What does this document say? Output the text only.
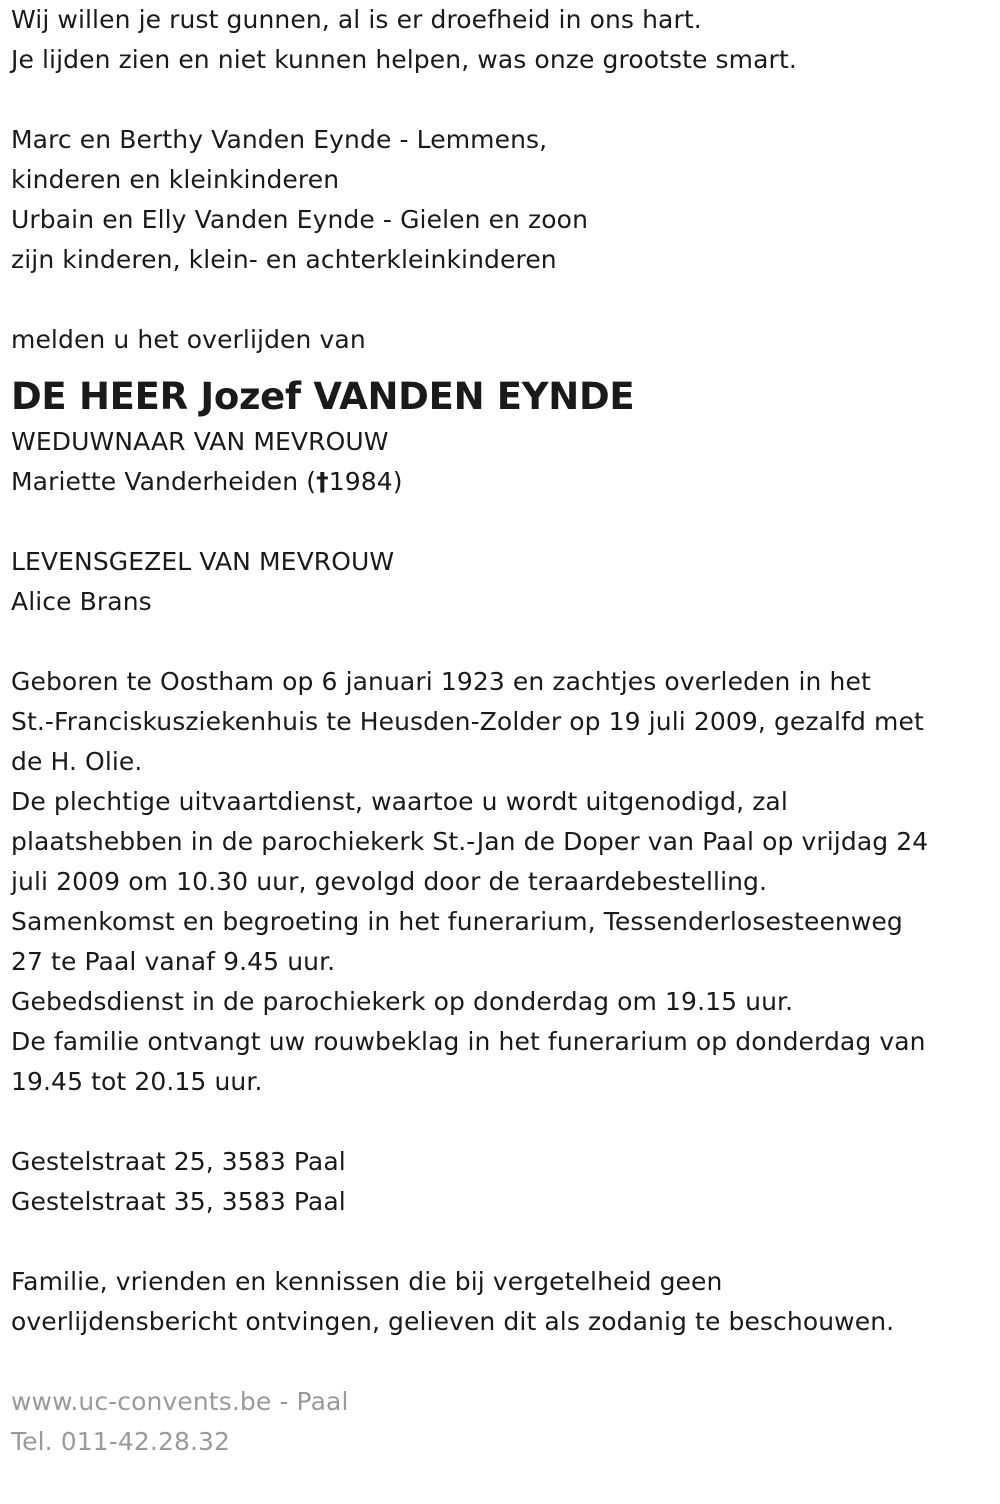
Wij willen je rust gunnen, al is er droefheid in ons hart.
Je lijden zien en niet kunnen helpen, was onze grootste smart.
Marc en Berthy Vanden Eynde - Lemmens,
kinderen en kleinkinderen
Urbain en Elly Vanden Eynde - Gielen en zoon
zijn kinderen, klein- en achterkleinkinderen
melden u het overlijden van
DE HEER Jozef VANDEN EYNDE
WEDUWNAAR VAN MEVROUW
Mariette Vanderheiden (†1984)
LEVENSGEZEL VAN MEVROUW
Alice Brans
Geboren te Oostham op 6 januari 1923 en zachtjes overleden in het
St.-Franciskusziekenhuis te Heusden-Zolder op 19 juli 2009, gezalfd met
de H. Olie.
De plechtige uitvaartdienst, waartoe u wordt uitgenodigd, zal
plaatshebben in de parochiekerk St.-Jan de Doper van Paal op vrijdag 24
juli 2009 om 10.30 uur, gevolgd door de teraardebestelling.
Samenkomst en begroeting in het funerarium, Tessenderlosesteenweg
27 te Paal vanaf 9.45 uur.
Gebedsdienst in de parochiekerk op donderdag om 19.15 uur.
De familie ontvangt uw rouwbeklag in het funerarium op donderdag van
19.45 tot 20.15 uur.
Gestelstraat 25, 3583 Paal
Gestelstraat 35, 3583 Paal
Familie, vrienden en kennissen die bij vergetelheid geen
overlijdensbericht ontvingen, gelieven dit als zodanig te beschouwen.
www.uc-convents.be - Paal
Tel. 011-42.28.32
